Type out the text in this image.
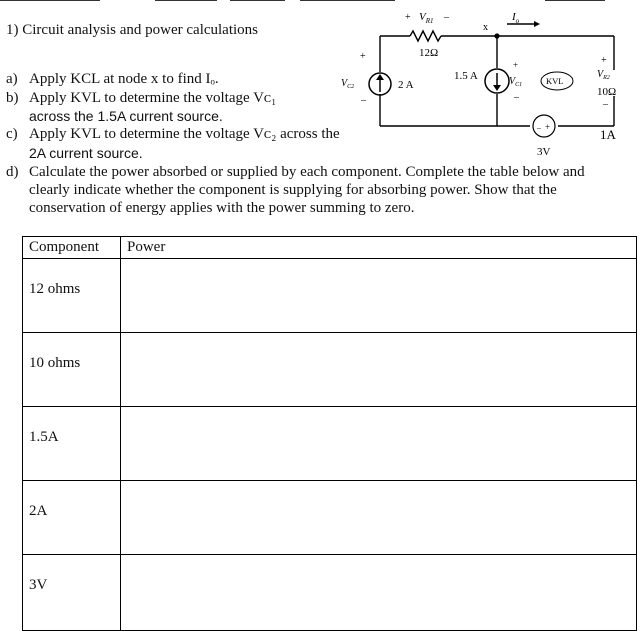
1) Circuit analysis and power calculations
a) Apply KCL at node x to find Iₒ.
b) Apply KVL to determine the voltage Vᴄ₁
across the 1.5A current source.
c) Apply KVL to determine the voltage Vᴄ₂ across the
2A current source.
d) Calculate the power absorbed or supplied by each component. Complete the table below and
clearly indicate whether the component is supplying for absorbing power. Show that the
conservation of energy applies with the power summing to zero.
+ $V_{R1}$ –
12Ω
x
$I_o$
+
$V_{C2}$
–
2 A
1.5 A
+
$V_{C1}$
–
KVL
+
$V_{R2}$
10Ω
–
– +
3V
1A
Component	Power

12 ohms	

10 ohms	

1.5A	

2A	

3V	
